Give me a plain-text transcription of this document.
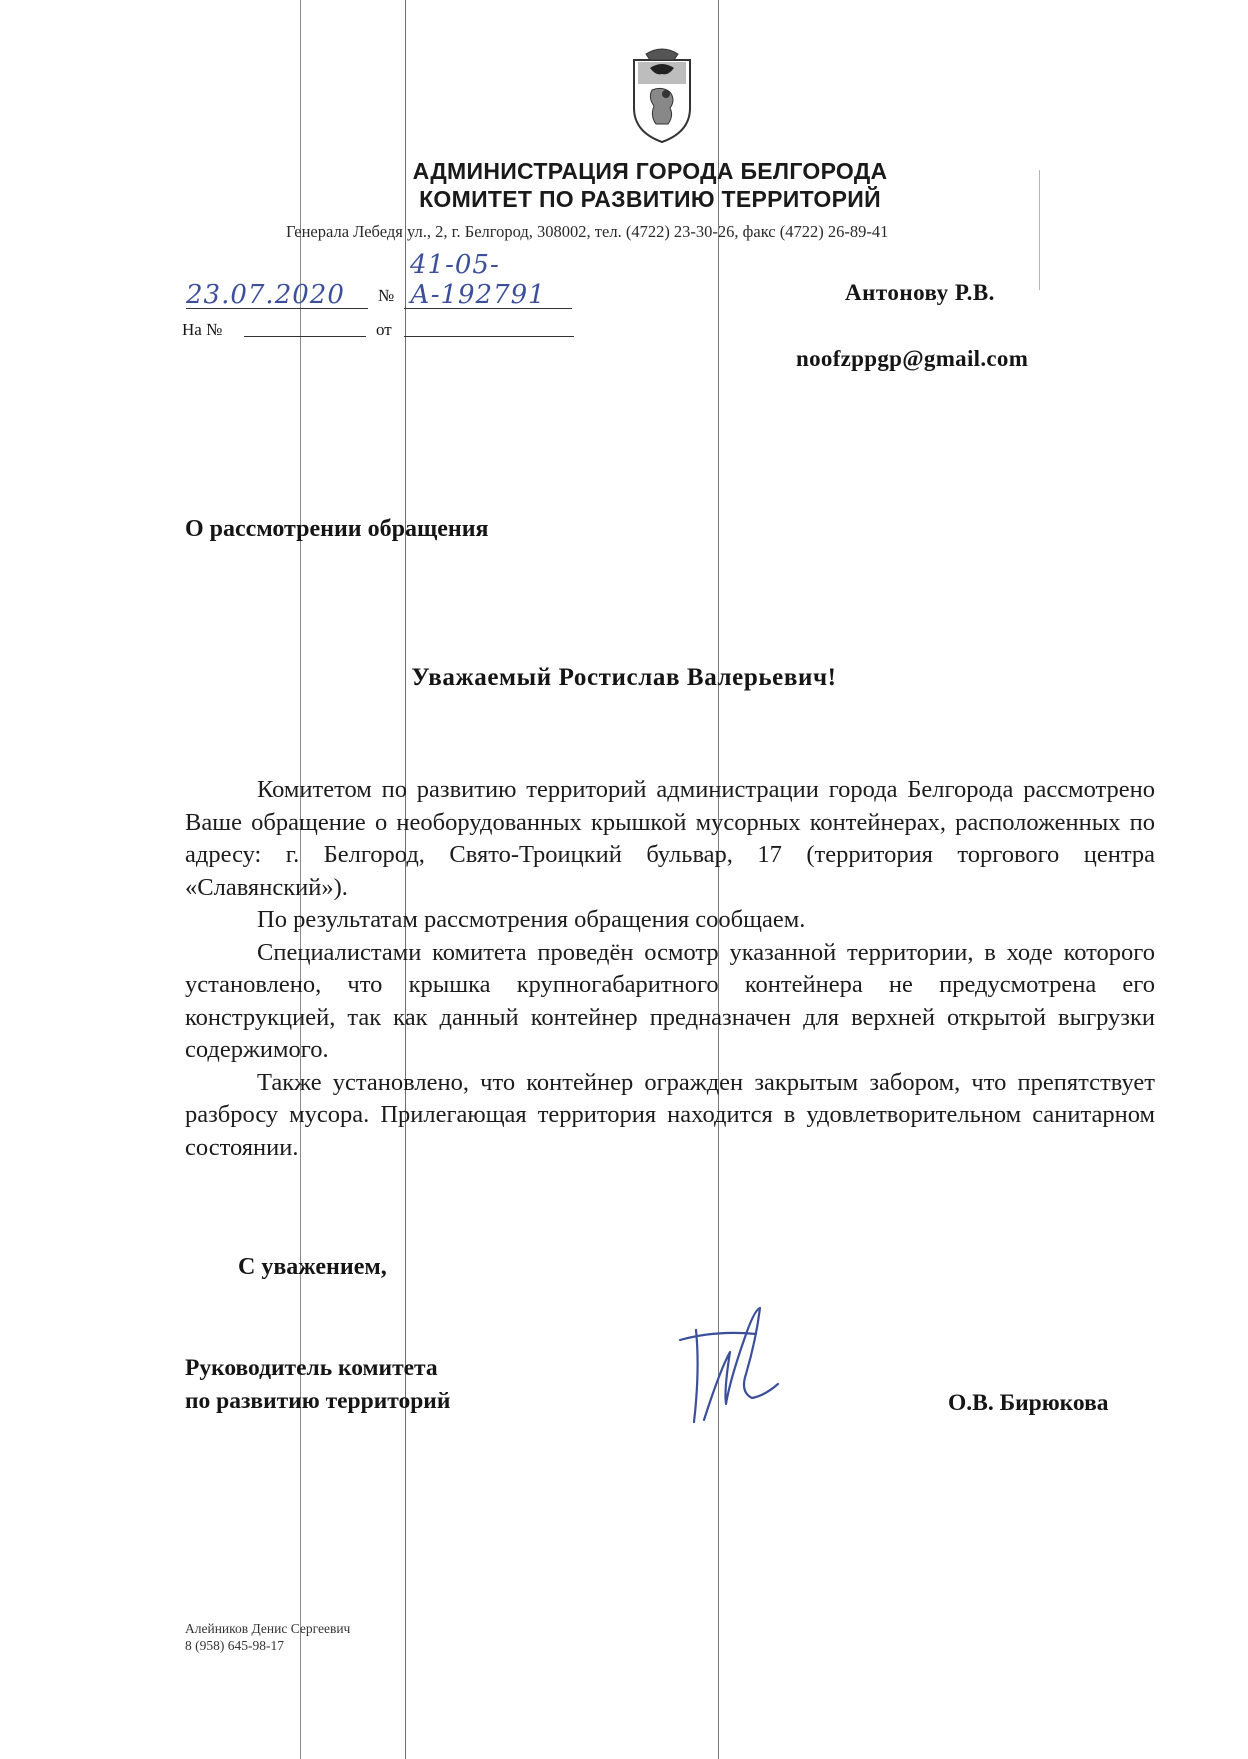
АДМИНИСТРАЦИЯ ГОРОДА БЕЛГОРОДА
КОМИТЕТ ПО РАЗВИТИЮ ТЕРРИТОРИЙ
Генерала Лебедя ул., 2, г. Белгород, 308002, тел. (4722) 23-30-26, факс (4722) 26-89-41
23.07.2020 №
41-05-А-192791
На №	от
Антонову Р.В.
noofzppgp@gmail.com
О рассмотрении обращения
Уважаемый Ростислав Валерьевич!

Комитетом по развитию территорий администрации города Белгорода рассмотрено Ваше обращение о необорудованных крышкой мусорных контейнерах, расположенных по адресу: г. Белгород, Свято-Троицкий бульвар, 17 (территория торгового центра «Славянский»).

По результатам рассмотрения обращения сообщаем.

Специалистами комитета проведён осмотр указанной территории, в ходе которого установлено, что крышка крупногабаритного контейнера не предусмотрена его конструкцией, так как данный контейнер предназначен для верхней открытой выгрузки содержимого.

Также установлено, что контейнер огражден закрытым забором, что препятствует разбросу мусора. Прилегающая территория находится в удовлетворительном санитарном состоянии.

С уважением,
Руководитель комитета
по развитию территорий	О.В. Бирюкова
Алейников Денис Сергеевич
8 (958) 645-98-17
